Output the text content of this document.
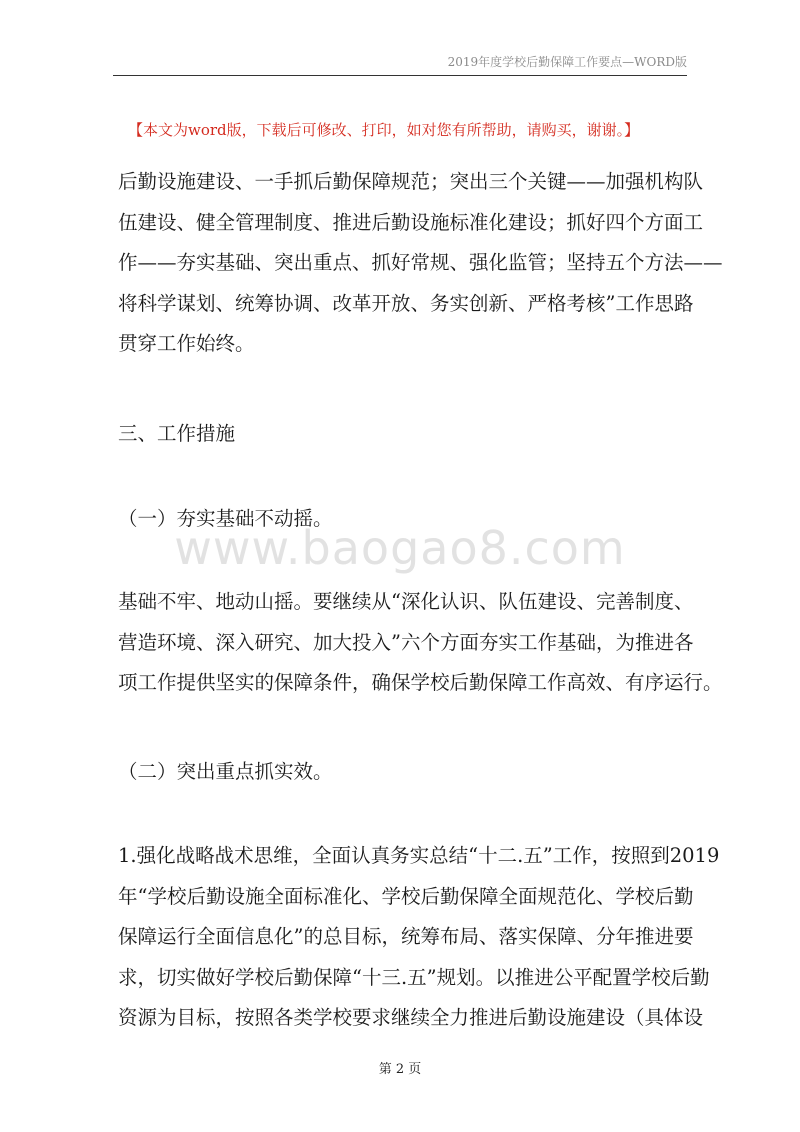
2019年度学校后勤保障工作要点—WORD版
【本文为word版，下载后可修改、打印，如对您有所帮助，请购买，谢谢。】
后勤设施建设、一手抓后勤保障规范；突出三个关键——加强机构队
伍建设、健全管理制度、推进后勤设施标准化建设；抓好四个方面工
作——夯实基础、突出重点、抓好常规、强化监管；坚持五个方法——
将科学谋划、统筹协调、改革开放、务实创新、严格考核”工作思路
贯穿工作始终。
三、工作措施
（一）夯实基础不动摇。
www.baogao8.com
基础不牢、地动山摇。要继续从“深化认识、队伍建设、完善制度、
营造环境、深入研究、加大投入”六个方面夯实工作基础，为推进各
项工作提供坚实的保障条件，确保学校后勤保障工作高效、有序运行。
（二）突出重点抓实效。
1.强化战略战术思维，全面认真务实总结“十二.五”工作，按照到2019
年“学校后勤设施全面标准化、学校后勤保障全面规范化、学校后勤
保障运行全面信息化”的总目标，统筹布局、落实保障、分年推进要
求，切实做好学校后勤保障“十三.五”规划。以推进公平配置学校后勤
资源为目标，按照各类学校要求继续全力推进后勤设施建设（具体设
第 2 页
